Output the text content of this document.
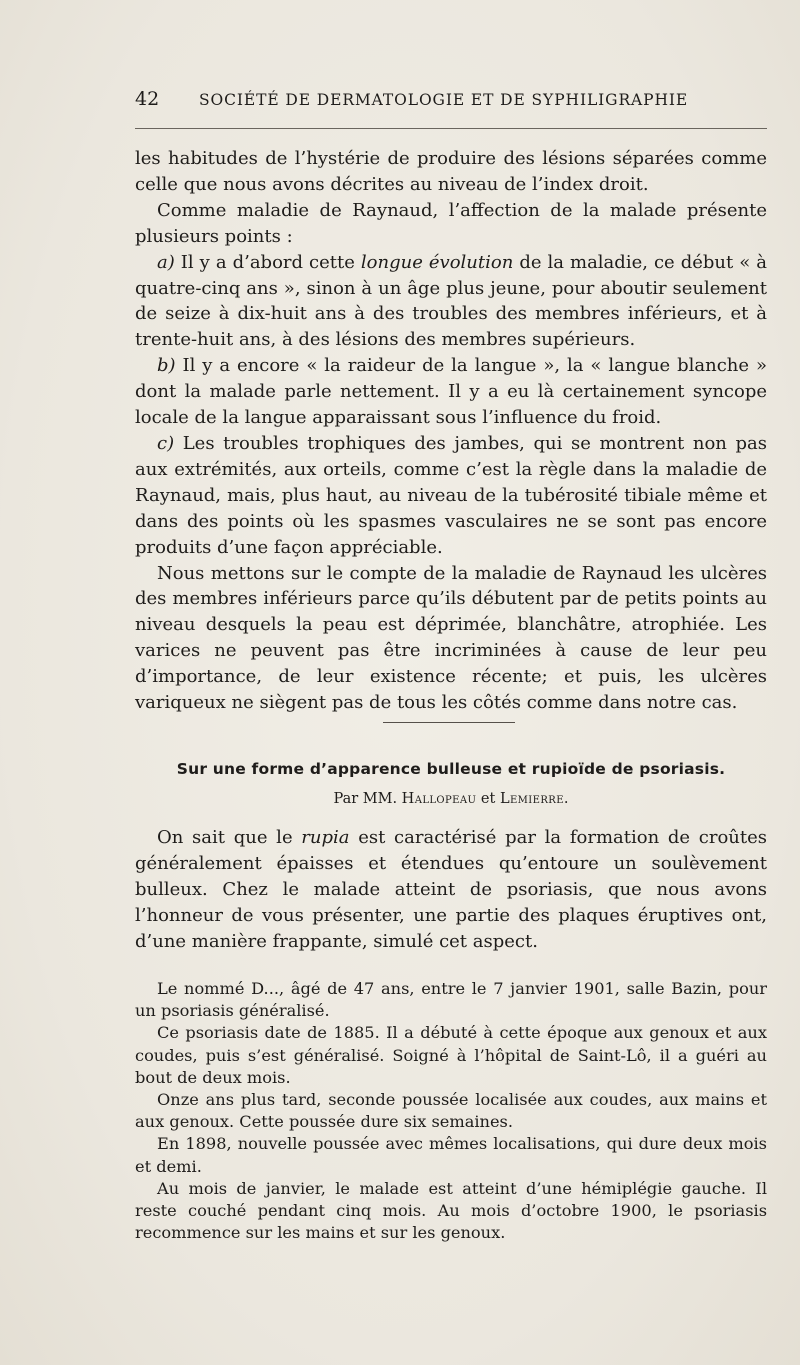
42	SOCIÉTÉ DE DERMATOLOGIE ET DE SYPHILIGRAPHIE

les habitudes de l’hystérie de produire des lésions séparées comme celle que nous avons décrites au niveau de l’index droit.

Comme maladie de Raynaud, l’affection de la malade présente plusieurs points :

a) Il y a d’abord cette longue évolution de la maladie, ce début « à quatre-cinq ans », sinon à un âge plus jeune, pour aboutir seulement de seize à dix-huit ans à des troubles des membres inférieurs, et à trente-huit ans, à des lésions des membres supérieurs.

b) Il y a encore « la raideur de la langue », la « langue blanche » dont la malade parle nettement. Il y a eu là certainement syncope locale de la langue apparaissant sous l’influence du froid.

c) Les troubles trophiques des jambes, qui se montrent non pas aux extrémités, aux orteils, comme c’est la règle dans la maladie de Raynaud, mais, plus haut, au niveau de la tubérosité tibiale même et dans des points où les spasmes vasculaires ne se sont pas encore produits d’une façon appréciable.

Nous mettons sur le compte de la maladie de Raynaud les ulcères des membres inférieurs parce qu’ils débutent par de petits points au niveau desquels la peau est déprimée, blanchâtre, atrophiée. Les varices ne peuvent pas être incriminées à cause de leur peu d’importance, de leur existence récente; et puis, les ulcères variqueux ne siègent pas de tous les côtés comme dans notre cas.

Sur une forme d’apparence bulleuse et rupioïde de psoriasis.
Par MM. Hallopeau et Lemierre.

On sait que le rupia est caractérisé par la formation de croûtes généralement épaisses et étendues qu’entoure un soulèvement bulleux. Chez le malade atteint de psoriasis, que nous avons l’honneur de vous présenter, une partie des plaques éruptives ont, d’une manière frappante, simulé cet aspect.

Le nommé D..., âgé de 47 ans, entre le 7 janvier 1901, salle Bazin, pour un psoriasis généralisé.

Ce psoriasis date de 1885. Il a débuté à cette époque aux genoux et aux coudes, puis s’est généralisé. Soigné à l’hôpital de Saint-Lô, il a guéri au bout de deux mois.

Onze ans plus tard, seconde poussée localisée aux coudes, aux mains et aux genoux. Cette poussée dure six semaines.

En 1898, nouvelle poussée avec mêmes localisations, qui dure deux mois et demi.

Au mois de janvier, le malade est atteint d’une hémiplégie gauche. Il reste couché pendant cinq mois. Au mois d’octobre 1900, le psoriasis recommence sur les mains et sur les genoux.
